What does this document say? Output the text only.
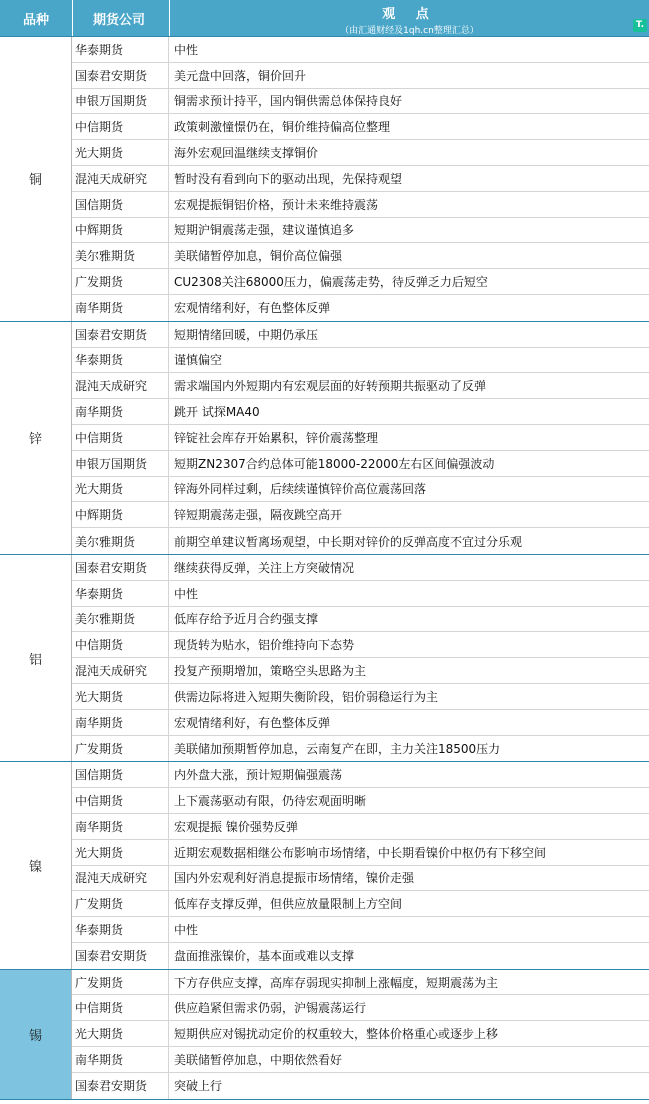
品种	期货公司	观 点
（由汇通财经及1qh.cn整理汇总）
T.
铜
华泰期货	中性
国泰君安期货	美元盘中回落，铜价回升
申银万国期货	铜需求预计持平，国内铜供需总体保持良好
中信期货	政策刺激憧憬仍在，铜价维持偏高位整理
光大期货	海外宏观回温继续支撑铜价
混沌天成研究	暂时没有看到向下的驱动出现，先保持观望
国信期货	宏观提振铜铝价格，预计未来维持震荡
中辉期货	短期沪铜震荡走强，建议谨慎追多
美尔雅期货	美联储暂停加息，铜价高位偏强
广发期货	CU2308关注68000压力，偏震荡走势，待反弹乏力后短空
南华期货	宏观情绪利好，有色整体反弹
锌
国泰君安期货	短期情绪回暖，中期仍承压
华泰期货	谨慎偏空
混沌天成研究	需求端国内外短期内有宏观层面的好转预期共振驱动了反弹
南华期货	跳开 试探MA40
中信期货	锌锭社会库存开始累积，锌价震荡整理
申银万国期货	短期ZN2307合约总体可能18000-22000左右区间偏强波动
光大期货	锌海外同样过剩，后续续谨慎锌价高位震荡回落
中辉期货	锌短期震荡走强，隔夜跳空高开
美尔雅期货	前期空单建议暂离场观望，中长期对锌价的反弹高度不宜过分乐观
铝
国泰君安期货	继续获得反弹，关注上方突破情况
华泰期货	中性
美尔雅期货	低库存给予近月合约强支撑
中信期货	现货转为贴水，铝价维持向下态势
混沌天成研究	投复产预期增加，策略空头思路为主
光大期货	供需边际将进入短期失衡阶段，铝价弱稳运行为主
南华期货	宏观情绪利好，有色整体反弹
广发期货	美联储加预期暂停加息，云南复产在即，主力关注18500压力
镍
国信期货	内外盘大涨，预计短期偏强震荡
中信期货	上下震荡驱动有限，仍待宏观面明晰
南华期货	宏观提振 镍价强势反弹
光大期货	近期宏观数据相继公布影响市场情绪，中长期看镍价中枢仍有下移空间
混沌天成研究	国内外宏观利好消息提振市场情绪，镍价走强
广发期货	低库存支撑反弹，但供应放量限制上方空间
华泰期货	中性
国泰君安期货	盘面推涨镍价，基本面或难以支撑
锡
广发期货	下方存供应支撑，高库存弱现实抑制上涨幅度，短期震荡为主
中信期货	供应趋紧但需求仍弱，沪锡震荡运行
光大期货	短期供应对锡扰动定价的权重较大，整体价格重心或逐步上移
南华期货	美联储暂停加息，中期依然看好
国泰君安期货	突破上行
